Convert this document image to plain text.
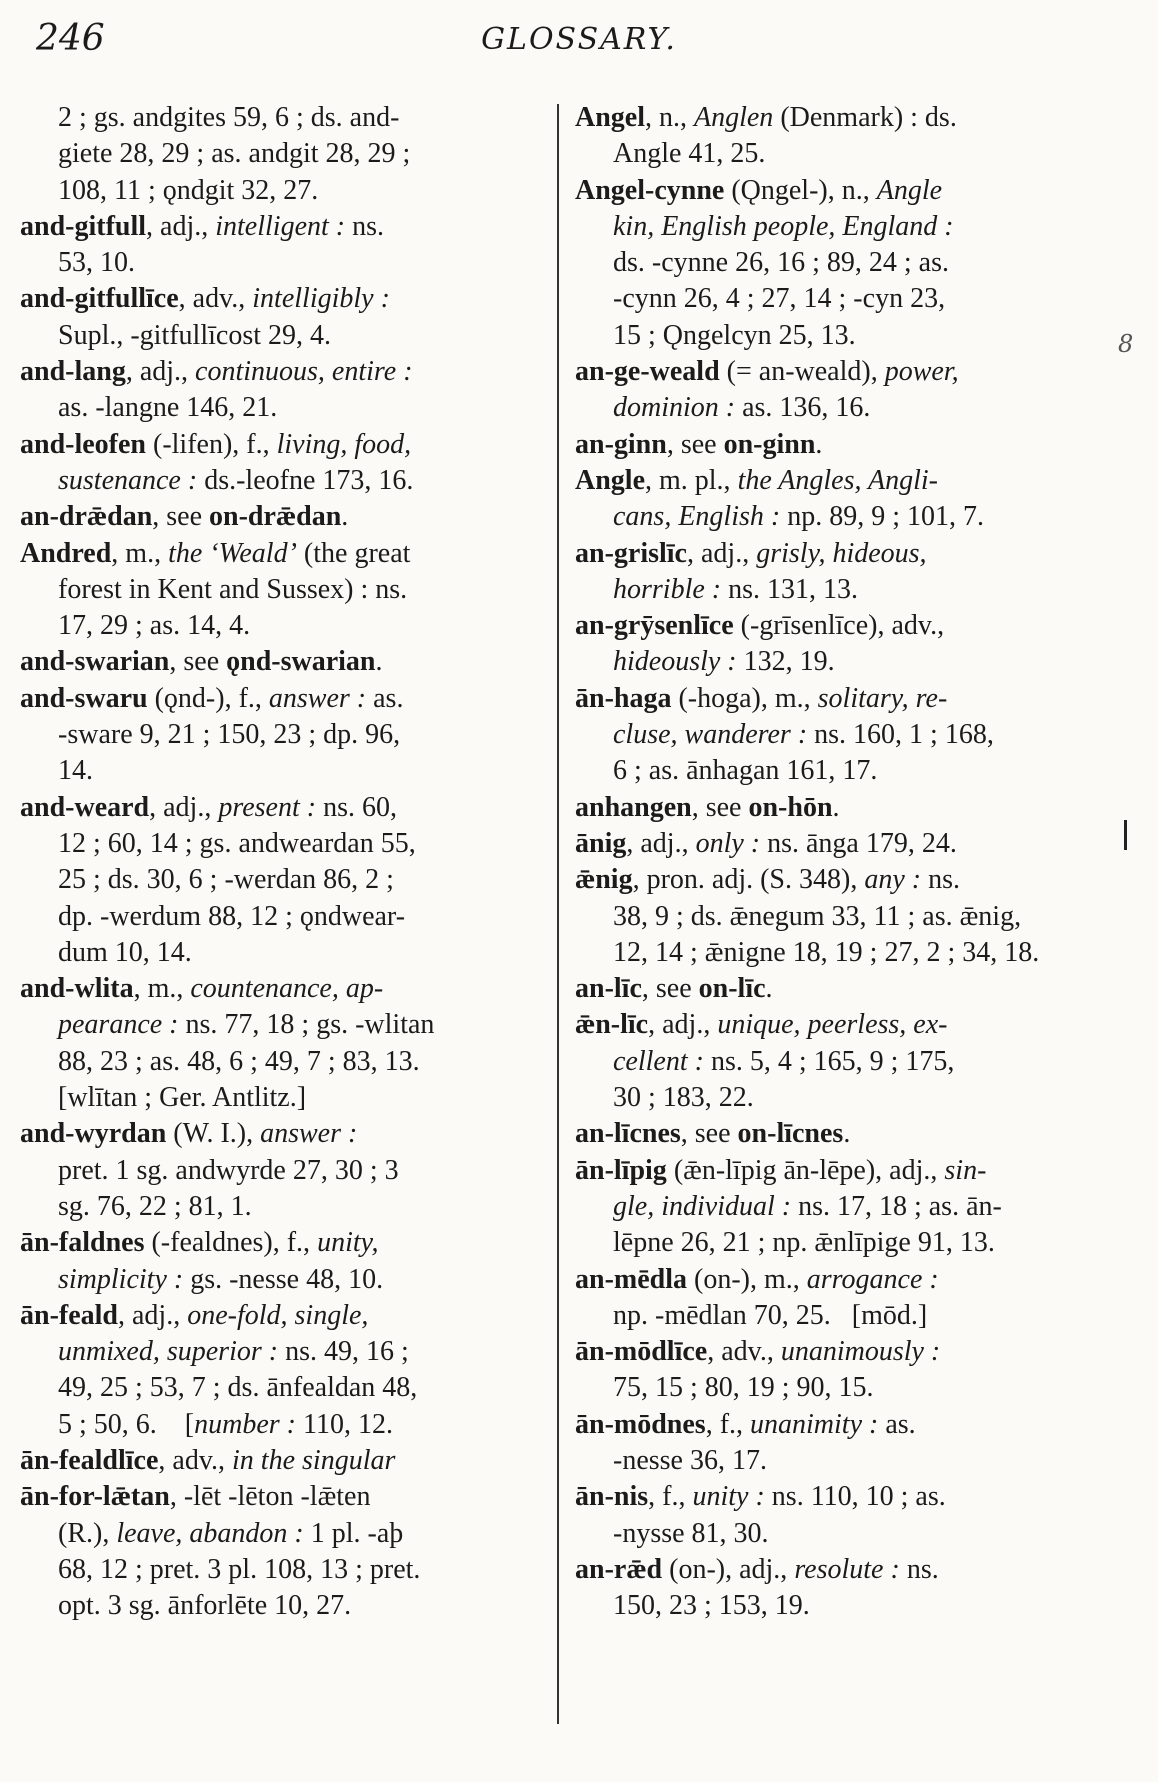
246	GLOSSARY.
2 ; gs. andgites 59, 6 ; ds. and-
giete 28, 29 ; as. andgit 28, 29 ;
108, 11 ; ǫndgit 32, 27.
and-gitfull, adj., intelligent : ns.
53, 10.
and-gitfullīce, adv., intelligibly :
Supl., -gitfullīcost 29, 4.
and-lang, adj., continuous, entire :
as. -langne 146, 21.
and-leofen (-lifen), f., living, food,
sustenance : ds.-leofne 173, 16.
an-drǣdan, see on-drǣdan.
Andred, m., the ‘Weald’ (the great
forest in Kent and Sussex) : ns.
17, 29 ; as. 14, 4.
and-swarian, see ǫnd-swarian.
and-swaru (ǫnd-), f., answer : as.
-sware 9, 21 ; 150, 23 ; dp. 96,
14.
and-weard, adj., present : ns. 60,
12 ; 60, 14 ; gs. andweardan 55,
25 ; ds. 30, 6 ; -werdan 86, 2 ;
dp. -werdum 88, 12 ; ǫndwear-
dum 10, 14.
and-wlita, m., countenance, ap-
pearance : ns. 77, 18 ; gs. -wlitan
88, 23 ; as. 48, 6 ; 49, 7 ; 83, 13.
[wlītan ; Ger. Antlitz.]
and-wyrdan (W. I.), answer :
pret. 1 sg. andwyrde 27, 30 ; 3
sg. 76, 22 ; 81, 1.
ān-faldnes (-fealdnes), f., unity,
simplicity : gs. -nesse 48, 10.
ān-feald, adj., one-fold, single,
unmixed, superior : ns. 49, 16 ;
49, 25 ; 53, 7 ; ds. ānfealdan 48,
5 ; 50, 6.    [number : 110, 12.
ān-fealdlīce, adv., in the singular
ān-for-lǣtan, -lēt -lēton -lǣten
(R.), leave, abandon : 1 pl. -aþ
68, 12 ; pret. 3 pl. 108, 13 ; pret.
opt. 3 sg. ānforlēte 10, 27.
Angel, n., Anglen (Denmark) : ds.
Angle 41, 25.
Angel-cynne (Ǫngel-), n., Angle
kin, English people, England :
ds. -cynne 26, 16 ; 89, 24 ; as.
-cynn 26, 4 ; 27, 14 ; -cyn 23,
15 ; Ǫngelcyn 25, 13.
an-ge-weald (= an-weald), power,
dominion : as. 136, 16.
an-ginn, see on-ginn.
Angle, m. pl., the Angles, Angli-
cans, English : np. 89, 9 ; 101, 7.
an-grislīc, adj., grisly, hideous,
horrible : ns. 131, 13.
an-grȳsenlīce (-grīsenlīce), adv.,
hideously : 132, 19.
ān-haga (-hoga), m., solitary, re-
cluse, wanderer : ns. 160, 1 ; 168,
6 ; as. ānhagan 161, 17.
anhangen, see on-hōn.
ānig, adj., only : ns. ānga 179, 24.
ǣnig, pron. adj. (S. 348), any : ns.
38, 9 ; ds. ǣnegum 33, 11 ; as. ǣnig,
12, 14 ; ǣnigne 18, 19 ; 27, 2 ; 34, 18.
an-līc, see on-līc.
ǣn-līc, adj., unique, peerless, ex-
cellent : ns. 5, 4 ; 165, 9 ; 175,
30 ; 183, 22.
an-līcnes, see on-līcnes.
ān-līpig (ǣn-līpig ān-lēpe), adj., sin-
gle, individual : ns. 17, 18 ; as. ān-
lēpne 26, 21 ; np. ǣnlīpige 91, 13.
an-mēdla (on-), m., arrogance :
np. -mēdlan 70, 25.   [mōd.]
ān-mōdlīce, adv., unanimously :
75, 15 ; 80, 19 ; 90, 15.
ān-mōdnes, f., unanimity : as.
-nesse 36, 17.
ān-nis, f., unity : ns. 110, 10 ; as.
-nysse 81, 30.
an-rǣd (on-), adj., resolute : ns.
150, 23 ; 153, 19.
8
